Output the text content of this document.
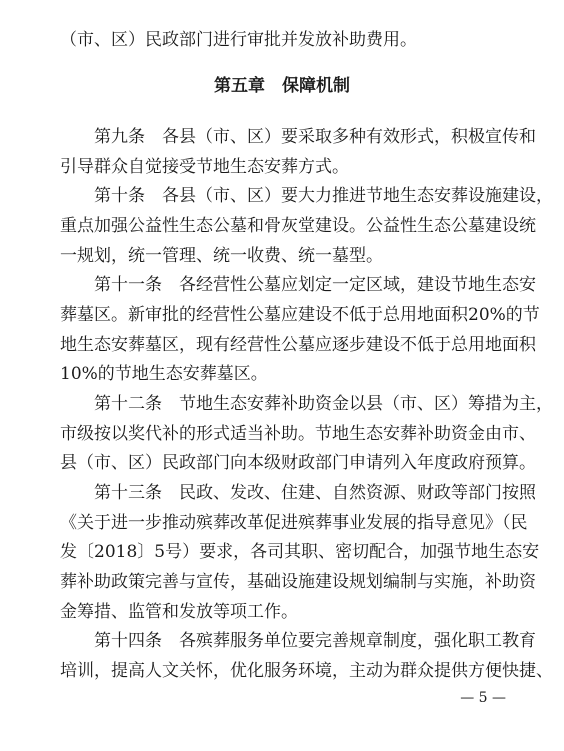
（市、区）民政部门进行审批并发放补助费用。
第五章　保障机制
第九条　各县（市、区）要采取多种有效形式，积极宣传和
引导群众自觉接受节地生态安葬方式。
第十条　各县（市、区）要大力推进节地生态安葬设施建设，
重点加强公益性生态公墓和骨灰堂建设。公益性生态公墓建设统
一规划，统一管理、统一收费、统一墓型。
第十一条　各经营性公墓应划定一定区域，建设节地生态安
葬墓区。新审批的经营性公墓应建设不低于总用地面积20%的节
地生态安葬墓区，现有经营性公墓应逐步建设不低于总用地面积
10%的节地生态安葬墓区。
第十二条　节地生态安葬补助资金以县（市、区）筹措为主，
市级按以奖代补的形式适当补助。节地生态安葬补助资金由市、
县（市、区）民政部门向本级财政部门申请列入年度政府预算。
第十三条　民政、发改、住建、自然资源、财政等部门按照
《关于进一步推动殡葬改革促进殡葬事业发展的指导意见》（民
发〔2018〕5号）要求，各司其职、密切配合，加强节地生态安
葬补助政策完善与宣传，基础设施建设规划编制与实施，补助资
金筹措、监管和发放等项工作。
第十四条　各殡葬服务单位要完善规章制度，强化职工教育
培训，提高人文关怀，优化服务环境，主动为群众提供方便快捷、
— 5 —
